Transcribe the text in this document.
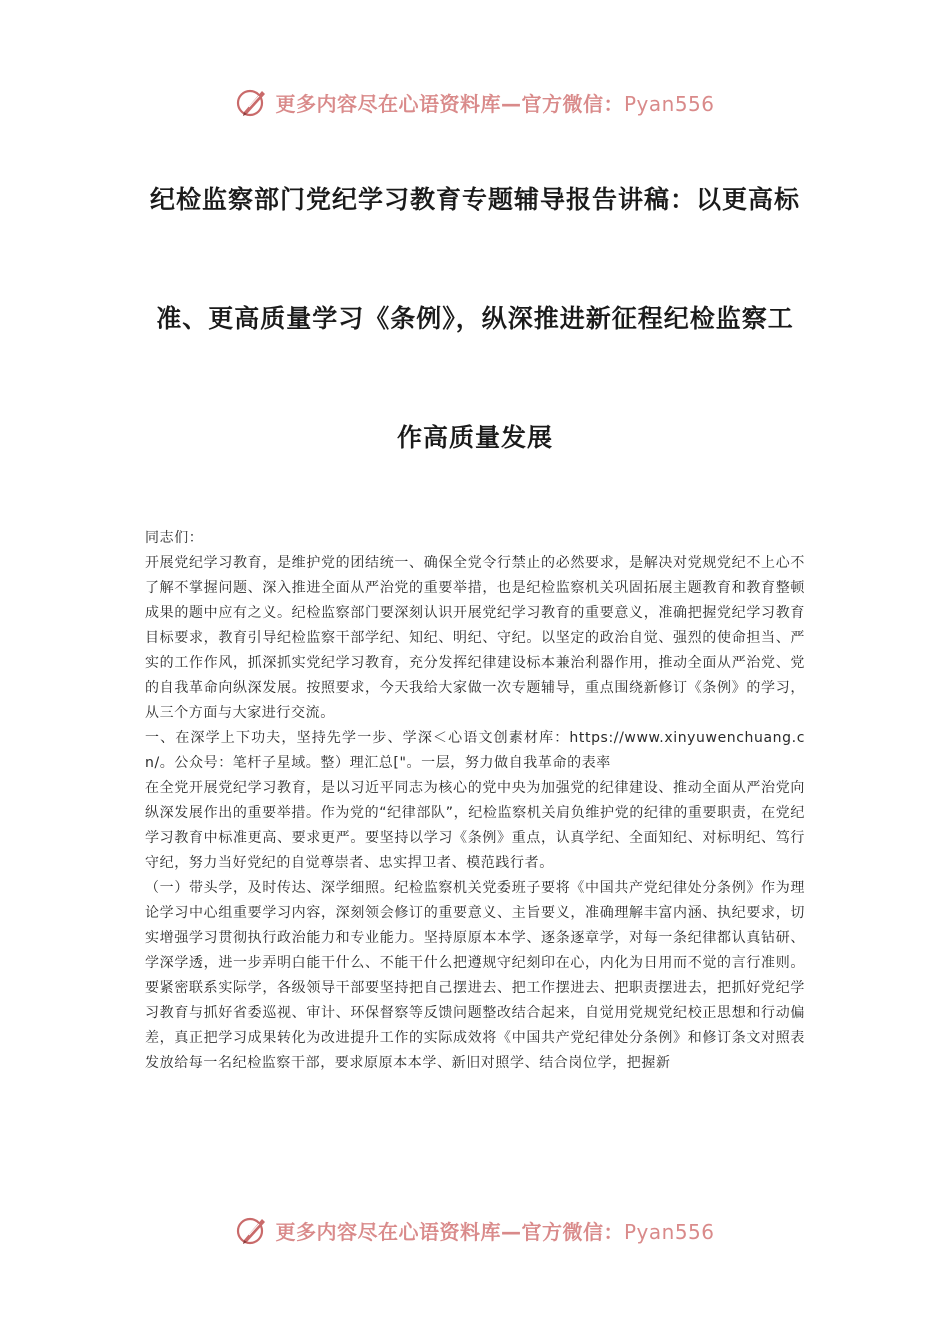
更多内容尽在心语资料库—官方微信：Pyan556
纪检监察部门党纪学习教育专题辅导报告讲稿：以更高标
准、更高质量学习《条例》，纵深推进新征程纪检监察工
作高质量发展

同志们：

开展党纪学习教育，是维护党的团结统一、确保全党令行禁止的必然要求，是解决对党规党纪不上心不了解不掌握问题、深入推进全面从严治党的重要举措，也是纪检监察机关巩固拓展主题教育和教育整顿成果的题中应有之义。纪检监察部门要深刻认识开展党纪学习教育的重要意义，准确把握党纪学习教育目标要求，教育引导纪检监察干部学纪、知纪、明纪、守纪。以坚定的政治自觉、强烈的使命担当、严实的工作作风，抓深抓实党纪学习教育，充分发挥纪律建设标本兼治利器作用，推动全面从严治党、党的自我革命向纵深发展。按照要求，今天我给大家做一次专题辅导，重点围绕新修订《条例》的学习，从三个方面与大家进行交流。

一、在深学上下功夫，坚持先学一步、学深＜心语文创素材库：https://www.xinyuwenchuang.cn/。公众号：笔杆子星域。整）理汇总["。一层，努力做自我革命的表率

在全党开展党纪学习教育，是以习近平同志为核心的党中央为加强党的纪律建设、推动全面从严治党向纵深发展作出的重要举措。作为党的“纪律部队”，纪检监察机关肩负维护党的纪律的重要职责，在党纪学习教育中标准更高、要求更严。要坚持以学习《条例》重点，认真学纪、全面知纪、对标明纪、笃行守纪，努力当好党纪的自觉尊崇者、忠实捍卫者、模范践行者。

（一）带头学，及时传达、深学细照。纪检监察机关党委班子要将《中国共产党纪律处分条例》作为理论学习中心组重要学习内容，深刻领会修订的重要意义、主旨要义，准确理解丰富内涵、执纪要求，切实增强学习贯彻执行政治能力和专业能力。坚持原原本本学、逐条逐章学，对每一条纪律都认真钻研、学深学透，进一步弄明白能干什么、不能干什么把遵规守纪刻印在心，内化为日用而不觉的言行准则。要紧密联系实际学，各级领导干部要坚持把自己摆进去、把工作摆进去、把职责摆进去，把抓好党纪学习教育与抓好省委巡视、审计、环保督察等反馈问题整改结合起来，自觉用党规党纪校正思想和行动偏差，真正把学习成果转化为改进提升工作的实际成效将《中国共产党纪律处分条例》和修订条文对照表发放给每一名纪检监察干部，要求原原本本学、新旧对照学、结合岗位学，把握新

更多内容尽在心语资料库—官方微信：Pyan556
